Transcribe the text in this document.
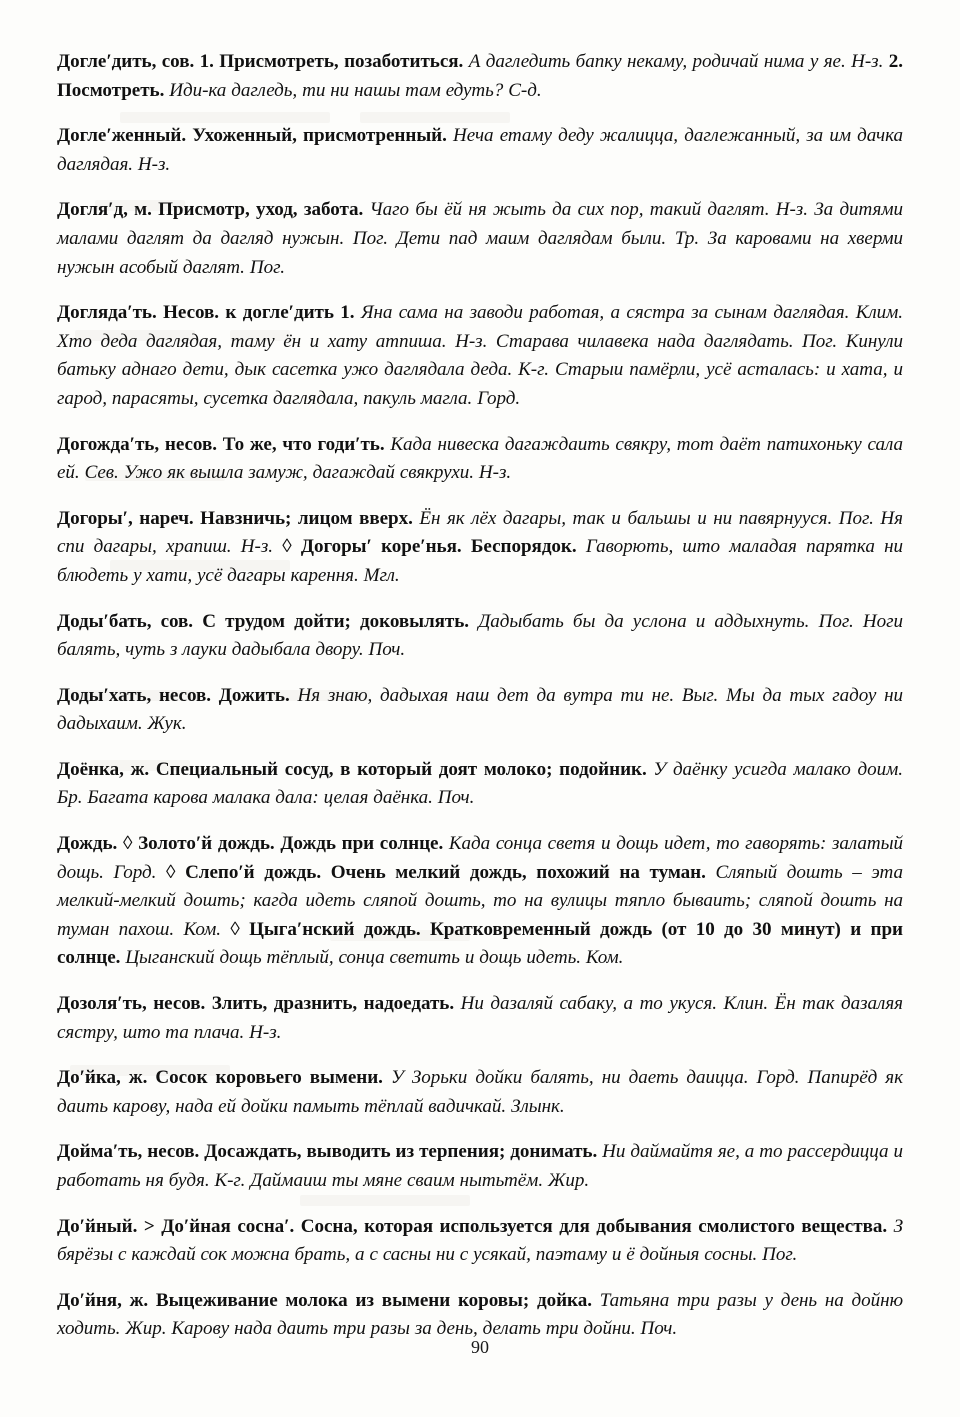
Догле′дить, сов. 1. Присмотреть, позаботиться. А дагледить бапку некаму, родичай нима у яе. Н-з. 2. Посмотреть. Иди-ка дагледь, ти ни нашы там едуть? С-д.

Догле′женный. Ухоженный, присмотренный. Неча етаму деду жалицца, даглежанный, за им дачка даглядая. Н-з.

Догля′д, м. Присмотр, уход, забота. Чаго бы ёй ня жыть да сих пор, такий даглят. Н-з. За дитями малами даглят да дагляд нужын. Пог. Дети пад маим даглядам были. Тр. За каровами на хверми нужын асобый даглят. Пог.

Догляда′ть. Несов. к догле′дить 1. Яна сама на заводи работая, а сястра за сынам даглядая. Клим. Хто деда даглядая, таму ён и хату атпиша. Н-з. Старава чилавека нада даглядать. Пог. Кинули батьку аднаго дети, дык сасетка ужо даглядала деда. К-г. Старыи памёрли, усё асталась: и хата, и гарод, парасяты, сусетка даглядала, пакуль магла. Горд.

Догожда′ть, несов. То же, что годи′ть. Када нивеска дагаждаить свякру, тот даёт патихоньку сала ей. Сев. Ужо як вышла замуж, дагаждай свякрухи. Н-з.

Догоры′, нареч. Навзничь; лицом вверх. Ён як лёх дагары, так и бальшы и ни павярнууся. Пог. Ня спи дагары, храпиш. Н-з. ◊ Догоры′ коре′нья. Беспорядок. Гаворють, што маладая парятка ни блюдеть у хати, усё дагары карення. Мгл.

Доды′бать, сов. С трудом дойти; доковылять. Дадыбать бы да услона и аддыхнуть. Пог. Ноги балять, чуть з лауки дадыбала двору. Поч.

Доды′хать, несов. Дожить. Ня знаю, дадыхая наш дет да вутра ти не. Выг. Мы да тых гадоу ни дадыхаим. Жук.

Доёнка, ж. Специальный сосуд, в который доят молоко; подойник. У даёнку усигда малако доим. Бр. Багата карова малака дала: целая даёнка. Поч.

Дождь. ◊ Золото′й дождь. Дождь при солнце. Када сонца светя и дощь идет, то гаворять: залатый дощь. Горд. ◊ Слепо′й дождь. Очень мелкий дождь, похожий на туман. Сляпый дошть – эта мелкий-мелкий дошть; кагда идеть сляпой дошть, то на вулицы тяпло бываить; сляпой дошть на туман пахош. Ком. ◊ Цыга′нский дождь. Кратковременный дождь (от 10 до 30 минут) и при солнце. Цыганский дощь тёплый, сонца светить и дощь идеть. Ком.

Дозоля′ть, несов. Злить, дразнить, надоедать. Ни дазаляй сабаку, а то укуся. Клин. Ён так дазаляя сястру, што та плача. Н-з.

До′йка, ж. Сосок коровьего вымени. У Зорьки дойки балять, ни даеть даицца. Горд. Папирёд як даить карову, нада ей дойки памыть тёплай вадичкай. Злынк.

Дойма′ть, несов. Досаждать, выводить из терпения; донимать. Ни даймайтя яе, а то рассердицца и работать ня будя. К-г. Даймаиш ты мяне сваим нытьтём. Жир.

До′йный. > До′йная сосна′. Сосна, которая используется для добывания смолистого вещества. З бярёзы с каждай сок можна брать, а с сасны ни с усякай, паэтаму и ё дойныя сосны. Пог.

До′йня, ж. Выцеживание молока из вымени коровы; дойка. Татьяна три разы у день на дойню ходить. Жир. Карову нада даить три разы за день, делать три дойни. Поч.

90
